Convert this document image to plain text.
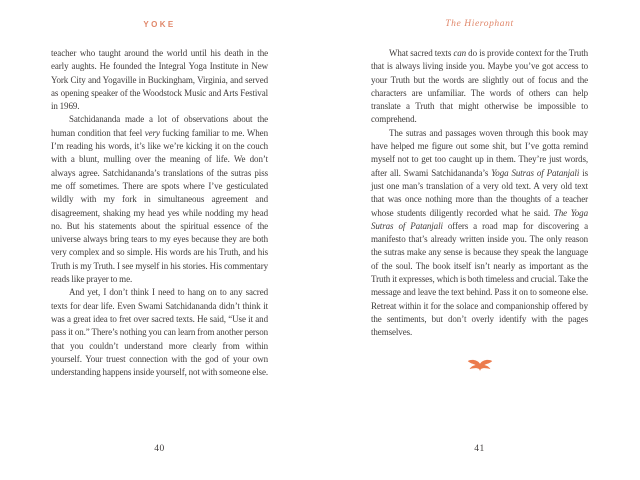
YOKE

teacher who taught around the world until his death in the early aughts. He founded the Integral Yoga Institute in New York City and Yogaville in Buckingham, Virginia, and served as opening speaker of the Woodstock Music and Arts Festival in 1969.

Satchidananda made a lot of observations about the human condition that feel very fucking familiar to me. When I’m reading his words, it’s like we’re kicking it on the couch with a blunt, mulling over the meaning of life. We don’t always agree. Satchidananda’s translations of the sutras piss me off sometimes. There are spots where I’ve gesticulated wildly with my fork in simultaneous agreement and disagreement, shaking my head yes while nodding my head no. But his statements about the spiritual essence of the universe always bring tears to my eyes because they are both very complex and so simple. His words are his Truth, and his Truth is my Truth. I see myself in his stories. His commentary reads like prayer to me.

And yet, I don’t think I need to hang on to any sacred texts for dear life. Even Swami Satchidananda didn’t think it was a great idea to fret over sacred texts. He said, “Use it and pass it on.” There’s nothing you can learn from another person that you couldn’t understand more clearly from within yourself. Your truest connection with the god of your own understanding happens inside yourself, not with someone else.

40
The Hierophant

What sacred texts can do is provide context for the Truth that is always living inside you. Maybe you’ve got access to your Truth but the words are slightly out of focus and the characters are unfamiliar. The words of others can help translate a Truth that might otherwise be impossible to comprehend.

The sutras and passages woven through this book may have helped me figure out some shit, but I’ve gotta remind myself not to get too caught up in them. They’re just words, after all. Swami Satchidananda’s Yoga Sutras of Patanjali is just one man’s translation of a very old text. A very old text that was once nothing more than the thoughts of a teacher whose students diligently recorded what he said. The Yoga Sutras of Patanjali offers a road map for discovering a manifesto that’s already written inside you. The only reason the sutras make any sense is because they speak the language of the soul. The book itself isn’t nearly as important as the Truth it expresses, which is both timeless and crucial. Take the message and leave the text behind. Pass it on to someone else. Retreat within it for the solace and companionship offered by the sentiments, but don’t overly identify with the pages themselves.

41
